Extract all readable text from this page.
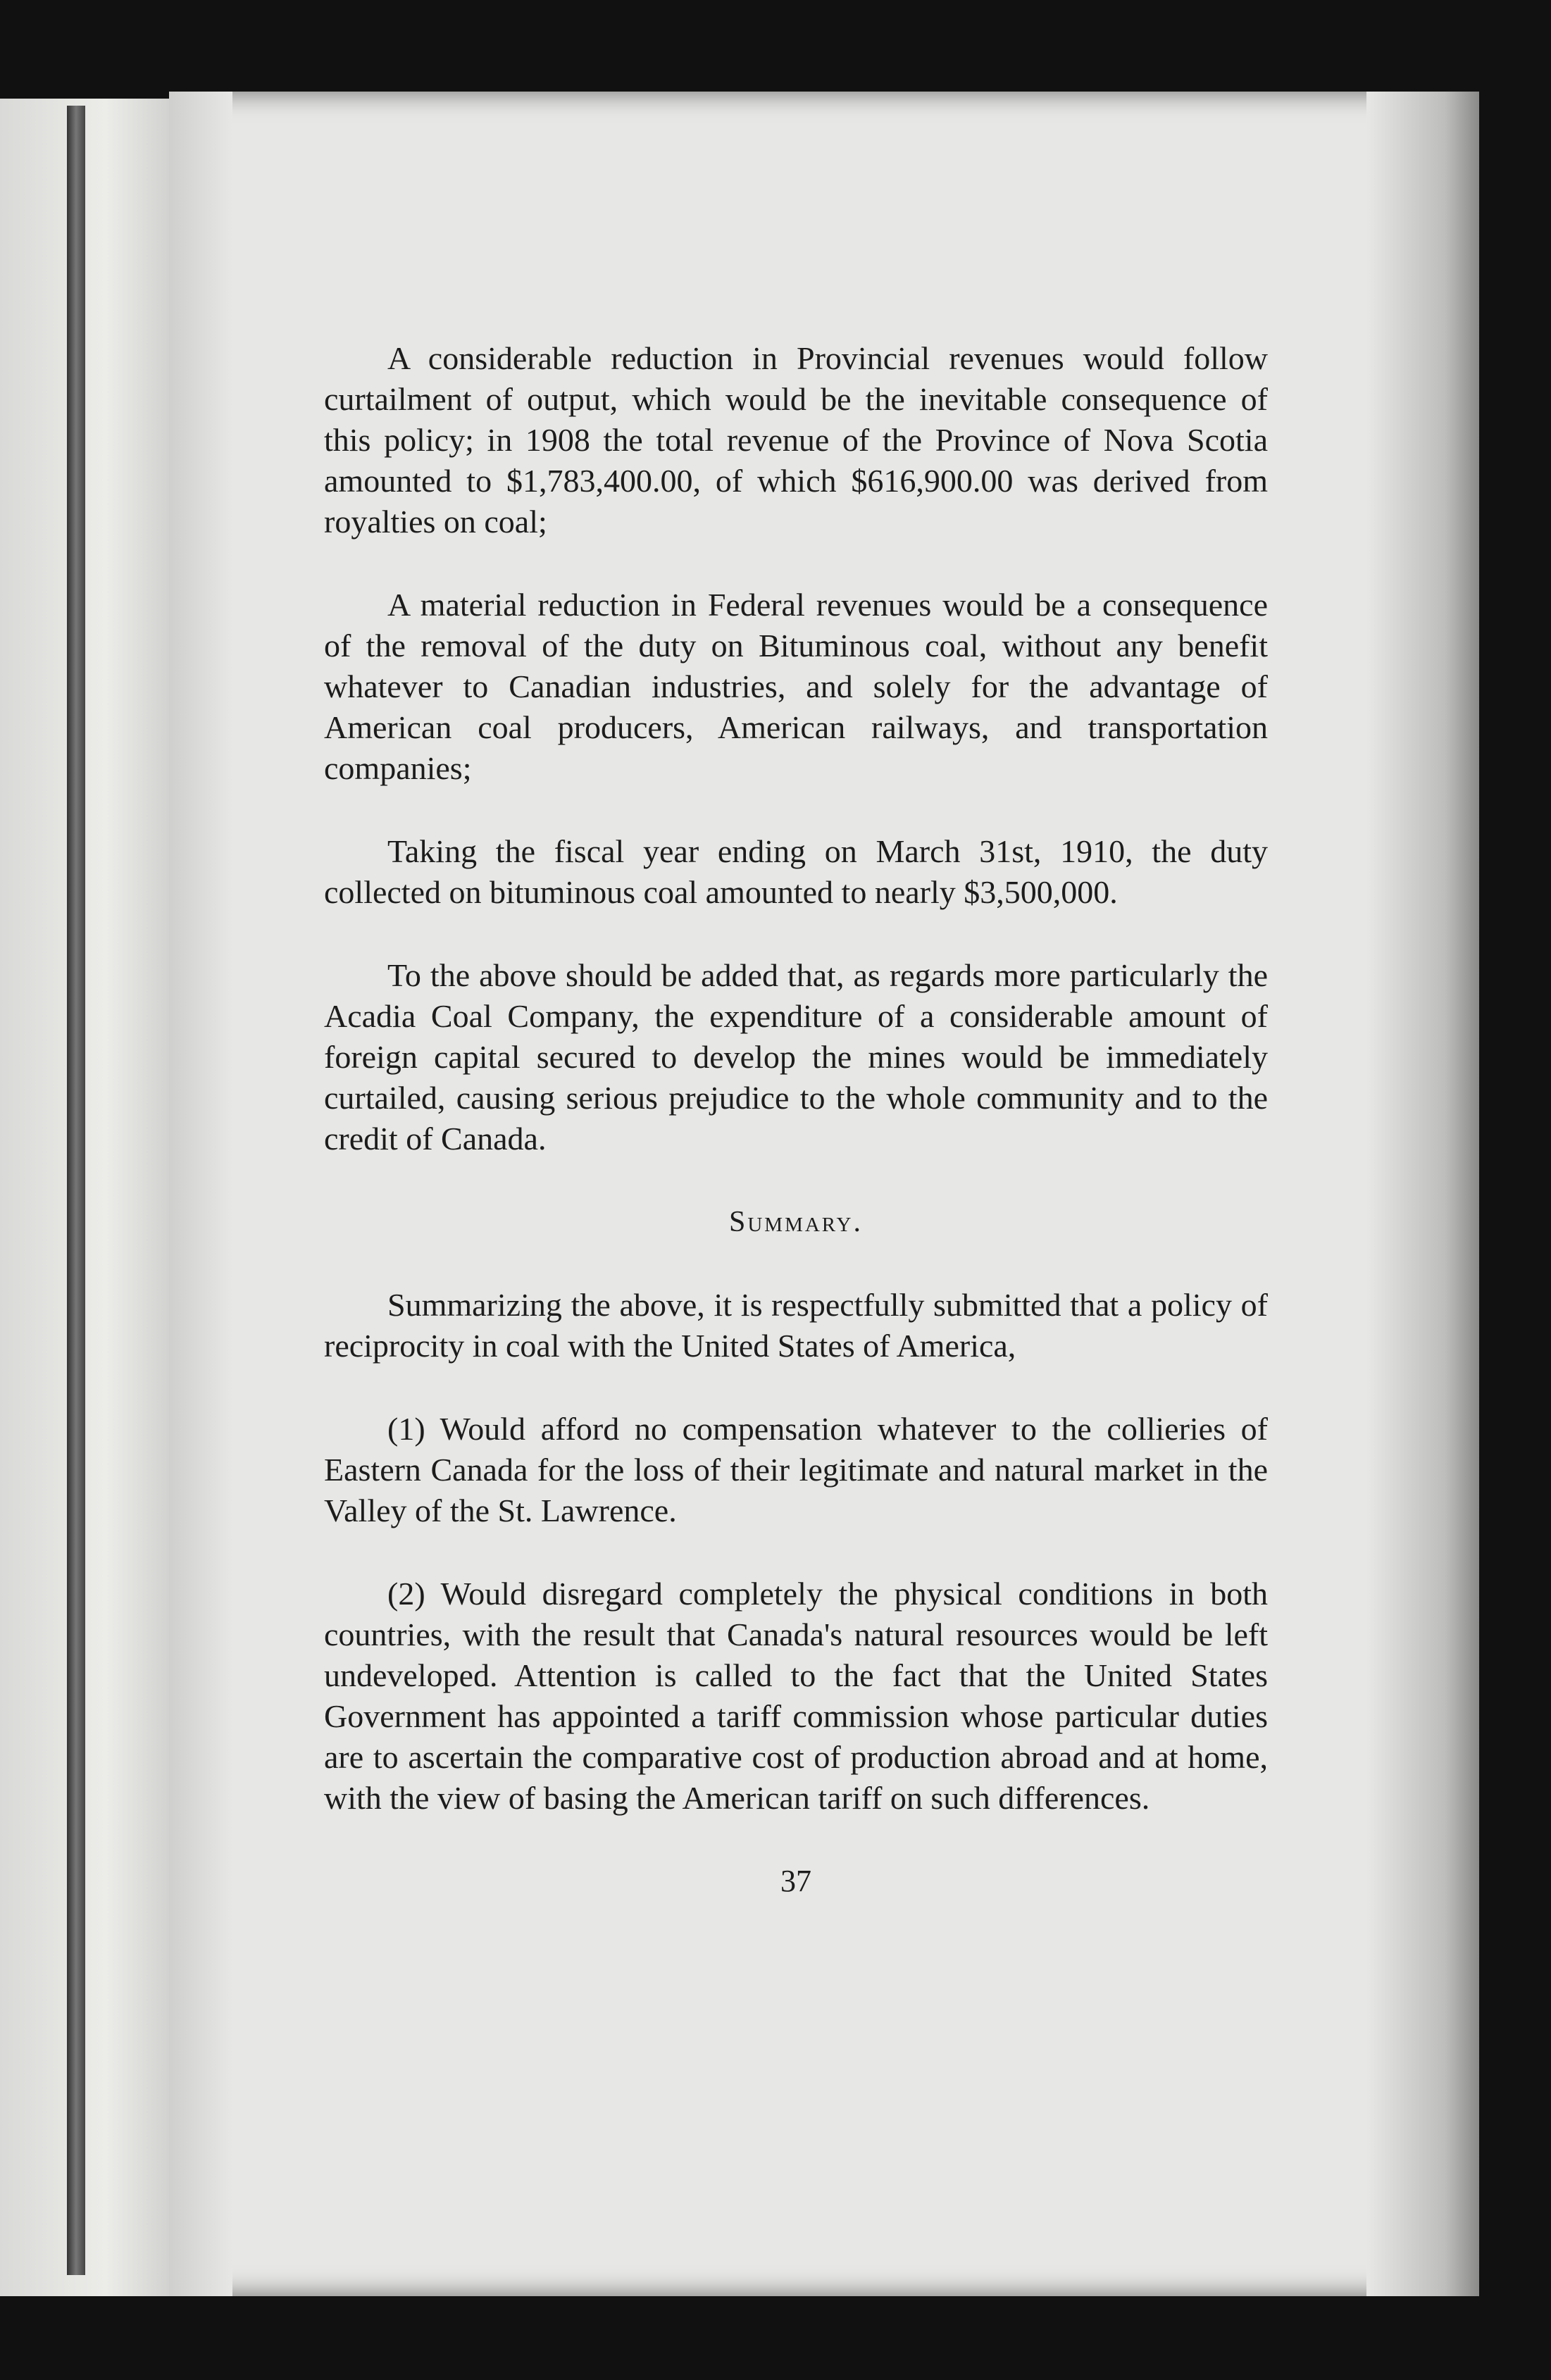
A considerable reduction in Provincial revenues would follow curtailment of output, which would be the inevitable consequence of this policy; in 1908 the total revenue of the Province of Nova Scotia amounted to $1,783,400.00, of which $616,900.00 was derived from royalties on coal;

A material reduction in Federal revenues would be a consequence of the removal of the duty on Bituminous coal, without any benefit whatever to Canadian industries, and solely for the advantage of American coal producers, American railways, and transportation companies;

Taking the fiscal year ending on March 31st, 1910, the duty collected on bituminous coal amounted to nearly $3,500,000.

To the above should be added that, as regards more particularly the Acadia Coal Company, the expenditure of a considerable amount of foreign capital secured to develop the mines would be immediately curtailed, causing serious prejudice to the whole community and to the credit of Canada.

Summary.

Summarizing the above, it is respectfully submitted that a policy of reciprocity in coal with the United States of America,

(1) Would afford no compensation whatever to the collieries of Eastern Canada for the loss of their legitimate and natural market in the Valley of the St. Lawrence.

(2) Would disregard completely the physical conditions in both countries, with the result that Canada's natural resources would be left undeveloped. Attention is called to the fact that the United States Government has appointed a tariff commission whose particular duties are to ascertain the comparative cost of production abroad and at home, with the view of basing the American tariff on such differences.

37
